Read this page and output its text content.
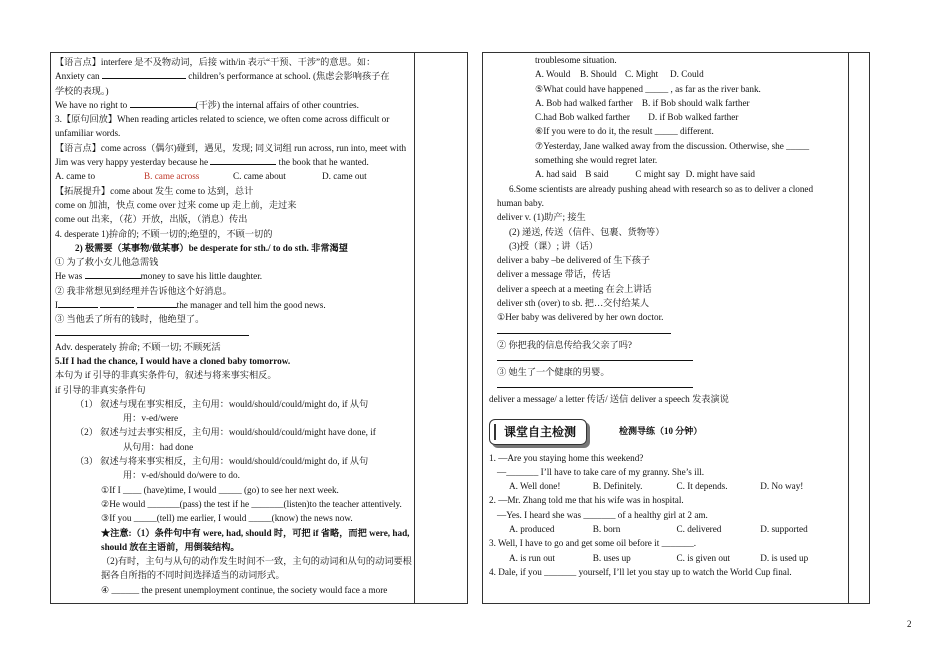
【语言点】interfere 是不及物动词，后接 with/in 表示“干预、干涉”的意思。如：
Anxiety can	children’s performance at school. (焦虑会影响孩子在
学校的表现。)
We have no right to	(干涉) the internal affairs of other countries.
3.【原句回放】When reading articles related to science, we often come across difficult or
unfamiliar words.
【语言点】come across（偶尔)碰到，遇见，发现; 同义词组 run across, run into, meet with
Jim was very happy yesterday because he	the book that he wanted.
A. came to	B. came across	C. came about	D. came out
【拓展提升】come about 发生 come to 达到，总计
come on 加油，快点 come over 过来 come up 走上前，走过来
come out 出来，（花）开放，出版，（消息）传出
4. desperate 1)拚命的; 不顾一切的;绝望的，不顾一切的
2) 极需要（某事物/做某事）be desperate for sth./ to do sth. 非常渴望
① 为了救小女儿他急需钱
He was	money to save his little daughter.
② 我非常想见到经理并告诉他这个好消息。
I	the manager and tell him the good news.
③ 当他丢了所有的钱时，他绝望了。
Adv. desperately 拚命; 不顾一切; 不顾死活
5.If I had the chance, I would have a cloned baby tomorrow.
本句为 if 引导的非真实条件句，叙述与将来事实相反。
if 引导的非真实条件句
（1） 叙述与现在事实相反，主句用：would/should/could/might do, if 从句
用：v-ed/were
（2） 叙述与过去事实相反，主句用：would/should/could/might have done, if
从句用：had done
（3） 叙述与将来事实相反，主句用：would/should/could/might do, if 从句
用：v-ed/should do/were to do.
①If I ____ (have)time, I would _____ (go) to see her next week.
②He would _______(pass) the test if he _______(listen)to the teacher attentively.
③If you _____(tell) me earlier, I would _____(know) the news now.
★注意:（1）条件句中有 were, had, should 时，可把 if 省略，而把 were, had,
should 放在主语前，用倒装结构。
（2)有时，主句与从句的动作发生时间不一致，主句的动词和从句的动词要根
据各自所指的不同时间选择适当的动词形式。
④ ______ the present unemployment continue, the society would face a more
troublesome situation.
A. Would	B. Should C. Might	D. Could
⑤What could have happened _____ , as far as the river bank.
A. Bob had walked farther B. if Bob should walk farther
C.had Bob walked farther D. if Bob walked farther
⑥If you were to do it, the result _____ different.
⑦Yesterday, Jane walked away from the discussion. Otherwise, she _____
something she would regret later.
A. had said B said	C might say D. might have said
6.Some scientists are already pushing ahead with research so as to deliver a cloned
human baby.
deliver v. (1)助产; 接生
(2) 递送, 传送（信件、包裹、货物等）
(3)授（课）; 讲（话）
deliver a baby –be delivered of 生下孩子
deliver a message 带话，传话
deliver a speech at a meeting 在会上讲话
deliver sth (over) to sb. 把…交付给某人
①Her baby was delivered by her own doctor.
② 你把我的信息传给我父亲了吗?
③ 她生了一个健康的男婴。
deliver a message/ a letter 传话/ 送信 deliver a speech 发表演说
课堂自主检测	检测导练（10 分钟）
1. —Are you staying home this weekend?
—_______ I’ll have to take care of my granny. She’s ill.
A. Well done!	B. Definitely.	C. It depends.	D. No way!
2. —Mr. Zhang told me that his wife was in hospital.
—Yes. I heard she was _______ of a healthy girl at 2 am.
A. produced	B. born	C. delivered	D. supported
3. Well, I have to go and get some oil before it _______.
A. is run out	B. uses up	C. is given out	D. is used up
4. Dale, if you _______ yourself, I’ll let you stay up to watch the World Cup final.
2
